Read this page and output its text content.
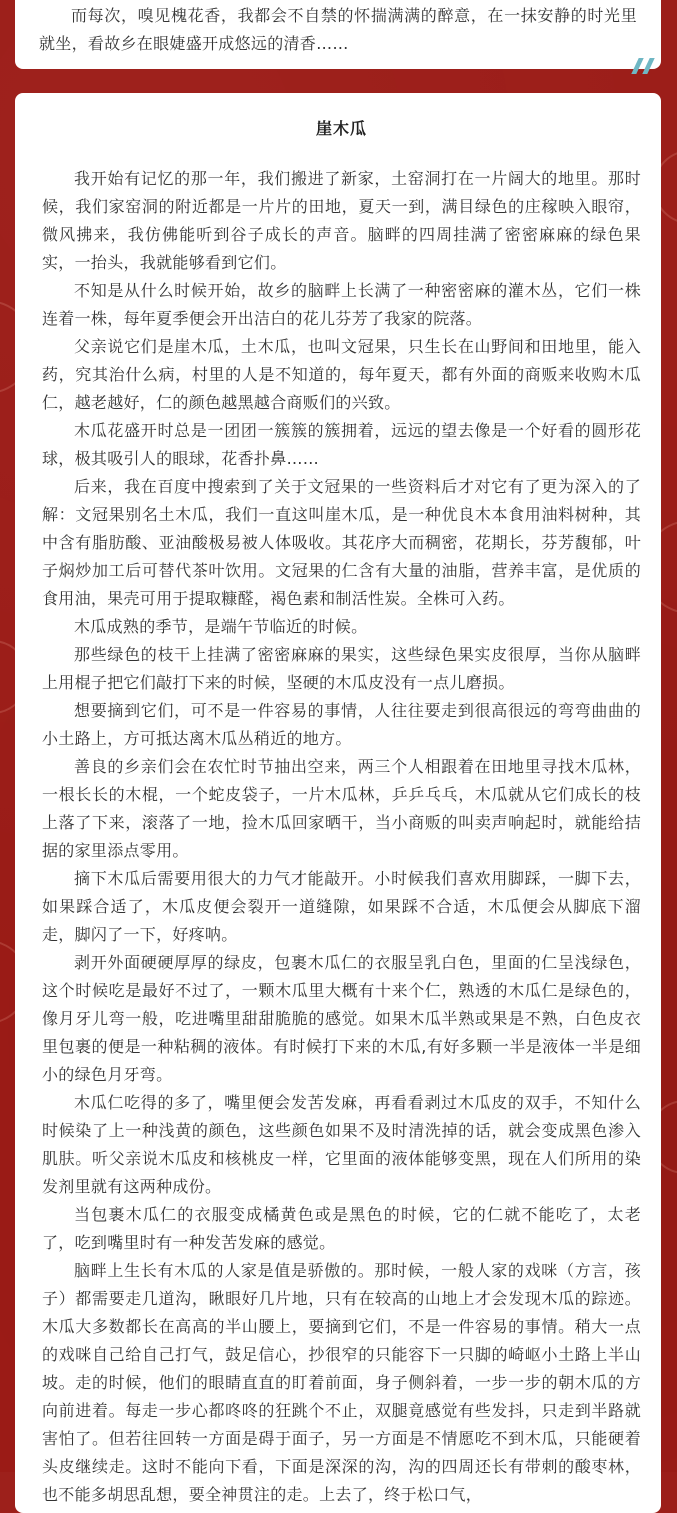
而每次，嗅见槐花香，我都会不自禁的怀揣满满的醉意，在一抹安静的时光里就坐，看故乡在眼婕盛开成悠远的清香……

崖木瓜

我开始有记忆的那一年，我们搬进了新家，土窑洞打在一片阔大的地里。那时候，我们家窑洞的附近都是一片片的田地，夏天一到，满目绿色的庄稼映入眼帘，微风拂来，我仿佛能听到谷子成长的声音。脑畔的四周挂满了密密麻麻的绿色果实，一抬头，我就能够看到它们。

不知是从什么时候开始，故乡的脑畔上长满了一种密密麻的灌木丛，它们一株连着一株，每年夏季便会开出洁白的花儿芬芳了我家的院落。

父亲说它们是崖木瓜，土木瓜，也叫文冠果，只生长在山野间和田地里，能入药，究其治什么病，村里的人是不知道的，每年夏天，都有外面的商贩来收购木瓜仁，越老越好，仁的颜色越黑越合商贩们的兴致。

木瓜花盛开时总是一团团一簇簇的簇拥着，远远的望去像是一个好看的圆形花球，极其吸引人的眼球，花香扑鼻……

后来，我在百度中搜索到了关于文冠果的一些资料后才对它有了更为深入的了解：文冠果别名土木瓜，我们一直这叫崖木瓜，是一种优良木本食用油料树种，其中含有脂肪酸、亚油酸极易被人体吸收。其花序大而稠密，花期长，芬芳馥郁，叶子焖炒加工后可替代茶叶饮用。文冠果的仁含有大量的油脂，营养丰富，是优质的食用油，果壳可用于提取糠醛，褐色素和制活性炭。全株可入药。

木瓜成熟的季节，是端午节临近的时候。

那些绿色的枝干上挂满了密密麻麻的果实，这些绿色果实皮很厚，当你从脑畔上用棍子把它们敲打下来的时候，坚硬的木瓜皮没有一点儿磨损。

想要摘到它们，可不是一件容易的事情，人往往要走到很高很远的弯弯曲曲的小土路上，方可抵达离木瓜丛稍近的地方。

善良的乡亲们会在农忙时节抽出空来，两三个人相跟着在田地里寻找木瓜林，一根长长的木棍，一个蛇皮袋子，一片木瓜林，乒乒乓乓，木瓜就从它们成长的枝上落了下来，滚落了一地，捡木瓜回家晒干，当小商贩的叫卖声响起时，就能给拮据的家里添点零用。

摘下木瓜后需要用很大的力气才能敲开。小时候我们喜欢用脚踩，一脚下去，如果踩合适了，木瓜皮便会裂开一道缝隙，如果踩不合适，木瓜便会从脚底下溜走，脚闪了一下，好疼呐。

剥开外面硬硬厚厚的绿皮，包裹木瓜仁的衣服呈乳白色，里面的仁呈浅绿色，这个时候吃是最好不过了，一颗木瓜里大概有十来个仁，熟透的木瓜仁是绿色的，像月牙儿弯一般，吃进嘴里甜甜脆脆的感觉。如果木瓜半熟或果是不熟，白色皮衣里包裹的便是一种粘稠的液体。有时候打下来的木瓜,有好多颗一半是液体一半是细小的绿色月牙弯。

木瓜仁吃得的多了，嘴里便会发苦发麻，再看看剥过木瓜皮的双手，不知什么时候染了上一种浅黄的颜色，这些颜色如果不及时清洗掉的话，就会变成黑色渗入肌肤。听父亲说木瓜皮和核桃皮一样，它里面的液体能够变黑，现在人们所用的染发剂里就有这两种成份。

当包裹木瓜仁的衣服变成橘黄色或是黑色的时候，它的仁就不能吃了，太老了，吃到嘴里时有一种发苦发麻的感觉。

脑畔上生长有木瓜的人家是值是骄傲的。那时候，一般人家的戏咪（方言，孩子）都需要走几道沟，瞅眼好几片地，只有在较高的山地上才会发现木瓜的踪迹。木瓜大多数都长在高高的半山腰上，要摘到它们，不是一件容易的事情。稍大一点的戏咪自己给自己打气，鼓足信心，抄很窄的只能容下一只脚的崎岖小土路上半山坡。走的时候，他们的眼睛直直的盯着前面，身子侧斜着，一步一步的朝木瓜的方向前进着。每走一步心都咚咚的狂跳个不止，双腿竟感觉有些发抖，只走到半路就害怕了。但若往回转一方面是碍于面子，另一方面是不情愿吃不到木瓜，只能硬着头皮继续走。这时不能向下看，下面是深深的沟，沟的四周还长有带刺的酸枣林，也不能多胡思乱想，要全神贯注的走。上去了，终于松口气，
